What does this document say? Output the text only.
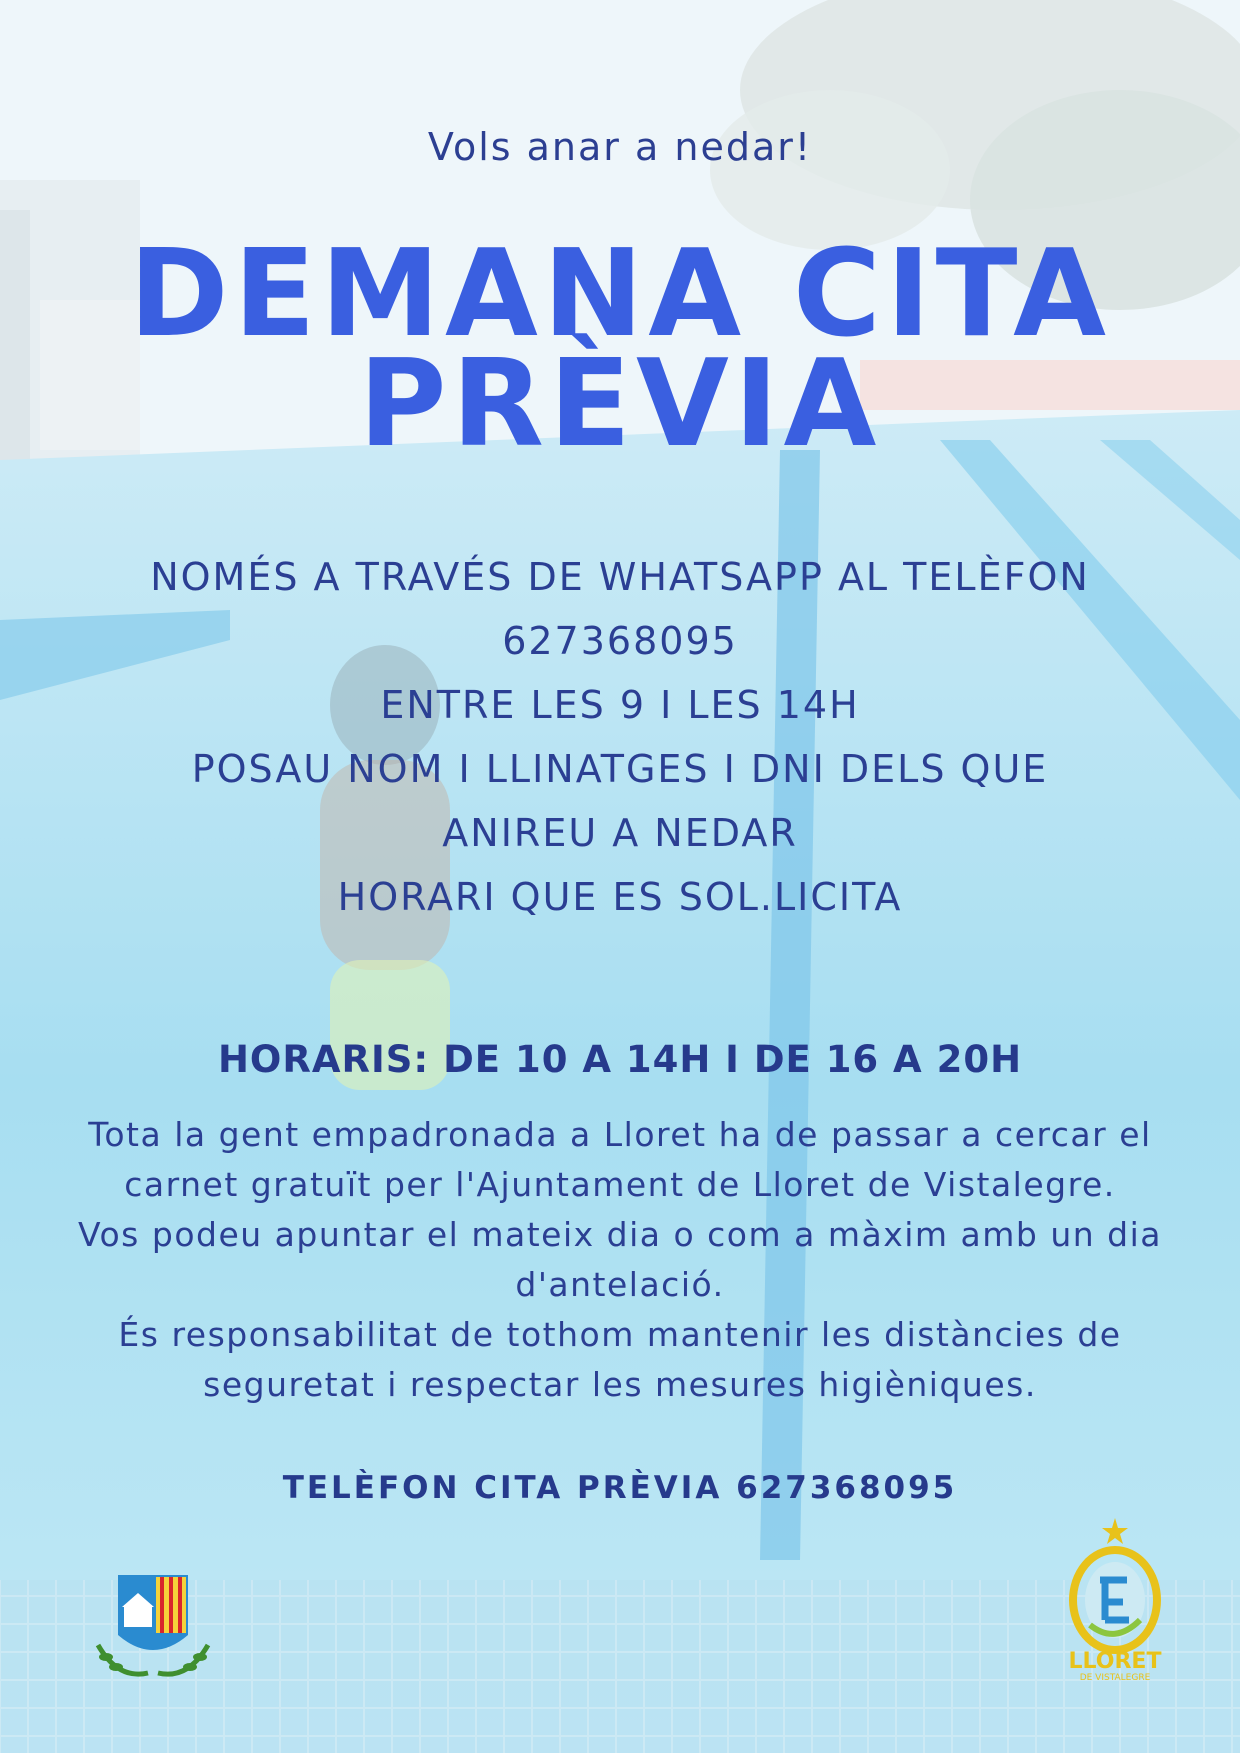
Vols anar a nedar!
DEMANA CITA
PRÈVIA
NOMÉS A TRAVÉS DE WHATSAPP AL TELÈFON
627368095
ENTRE LES 9 I LES 14H
POSAU NOM I LLINATGES I DNI DELS QUE
ANIREU A NEDAR
HORARI QUE ES SOL.LICITA
HORARIS: DE 10 A 14H I DE 16 A 20H
Tota la gent empadronada a Lloret ha de passar a cercar el
carnet gratuït per l'Ajuntament de Lloret de Vistalegre.
Vos podeu apuntar el mateix dia o com a màxim amb un dia
d'antelació.
És responsabilitat de tothom mantenir les distàncies de
seguretat i respectar les mesures higièniques.
TELÈFON CITA PRÈVIA 627368095
LLORET
DE VISTALEGRE
